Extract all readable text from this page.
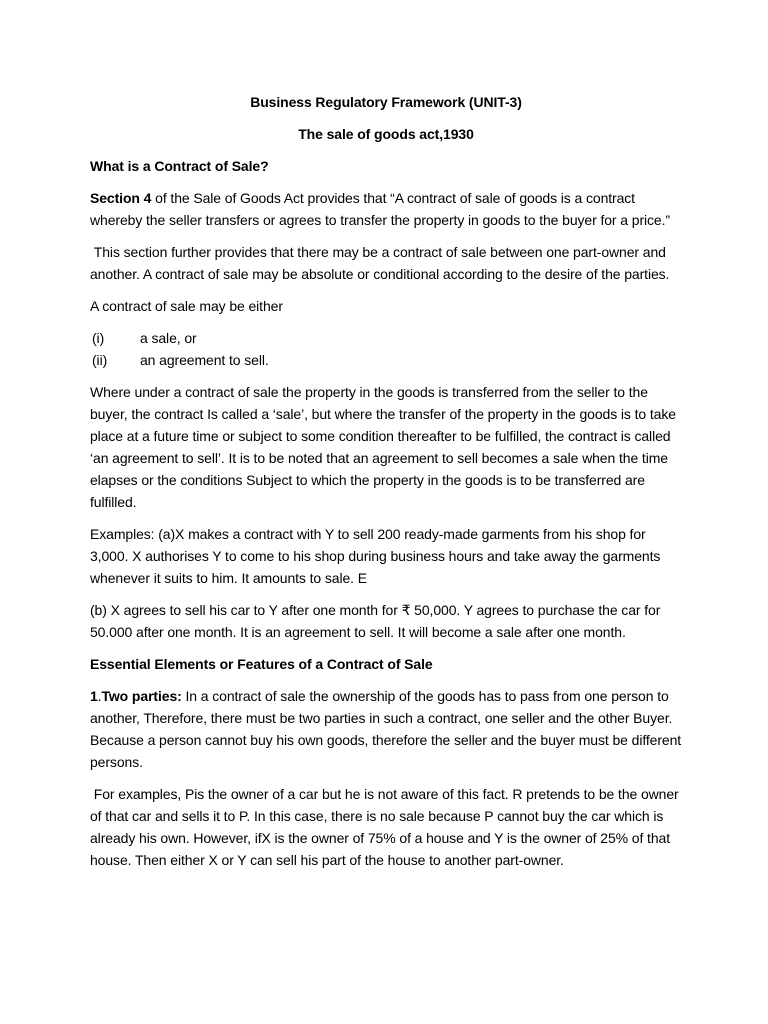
Business Regulatory Framework (UNIT-3)
The sale of goods act,1930
What is a Contract of Sale?

Section 4 of the Sale of Goods Act provides that “A contract of sale of goods is a contract whereby the seller transfers or agrees to transfer the property in goods to the buyer for a price.”

This section further provides that there may be a contract of sale between one part-owner and another. A contract of sale may be absolute or conditional according to the desire of the parties.

A contract of sale may be either

(i)	a sale, or
(ii)	an agreement to sell.

Where under a contract of sale the property in the goods is transferred from the seller to the buyer, the contract Is called a ‘sale’, but where the transfer of the property in the goods is to take place at a future time or subject to some condition thereafter to be fulfilled, the contract is called ‘an agreement to sell’. It is to be noted that an agreement to sell becomes a sale when the time elapses or the conditions Subject to which the property in the goods is to be transferred are fulfilled.

Examples: (a)X makes a contract with Y to sell 200 ready-made garments from his shop for 3,000. X authorises Y to come to his shop during business hours and take away the garments whenever it suits to him. It amounts to sale. E

(b) X agrees to sell his car to Y after one month for ₹ 50,000. Y agrees to purchase the car for 50.000 after one month. It is an agreement to sell. It will become a sale after one month.

Essential Elements or Features of a Contract of Sale

1.Two parties: In a contract of sale the ownership of the goods has to pass from one person to another, Therefore, there must be two parties in such a contract, one seller and the other Buyer. Because a person cannot buy his own goods, therefore the seller and the buyer must be different persons.

For examples, Pis the owner of a car but he is not aware of this fact. R pretends to be the owner of that car and sells it to P. In this case, there is no sale because P cannot buy the car which is already his own. However, ifX is the owner of 75% of a house and Y is the owner of 25% of that house. Then either X or Y can sell his part of the house to another part-owner.
